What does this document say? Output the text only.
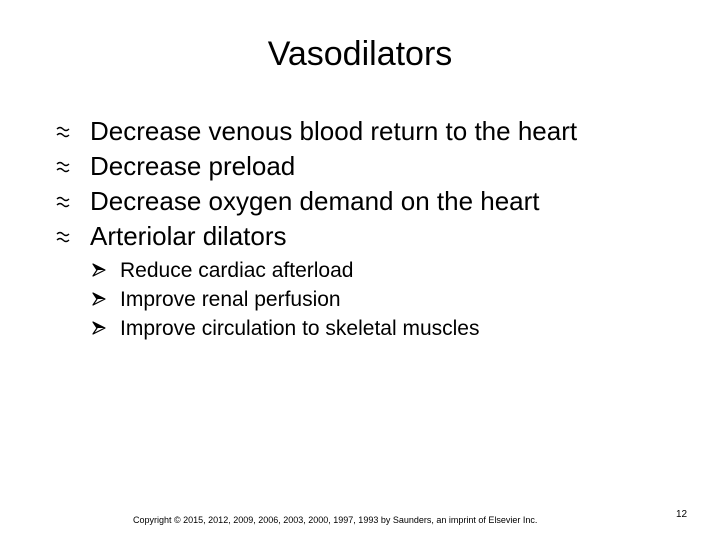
Vasodilators
Decrease venous blood return to the heart
Decrease preload
Decrease oxygen demand on the heart
Arteriolar dilators
Reduce cardiac afterload
Improve renal perfusion
Improve circulation to skeletal muscles
Copyright © 2015, 2012, 2009, 2006, 2003, 2000, 1997, 1993 by Saunders, an imprint of Elsevier Inc.	12
